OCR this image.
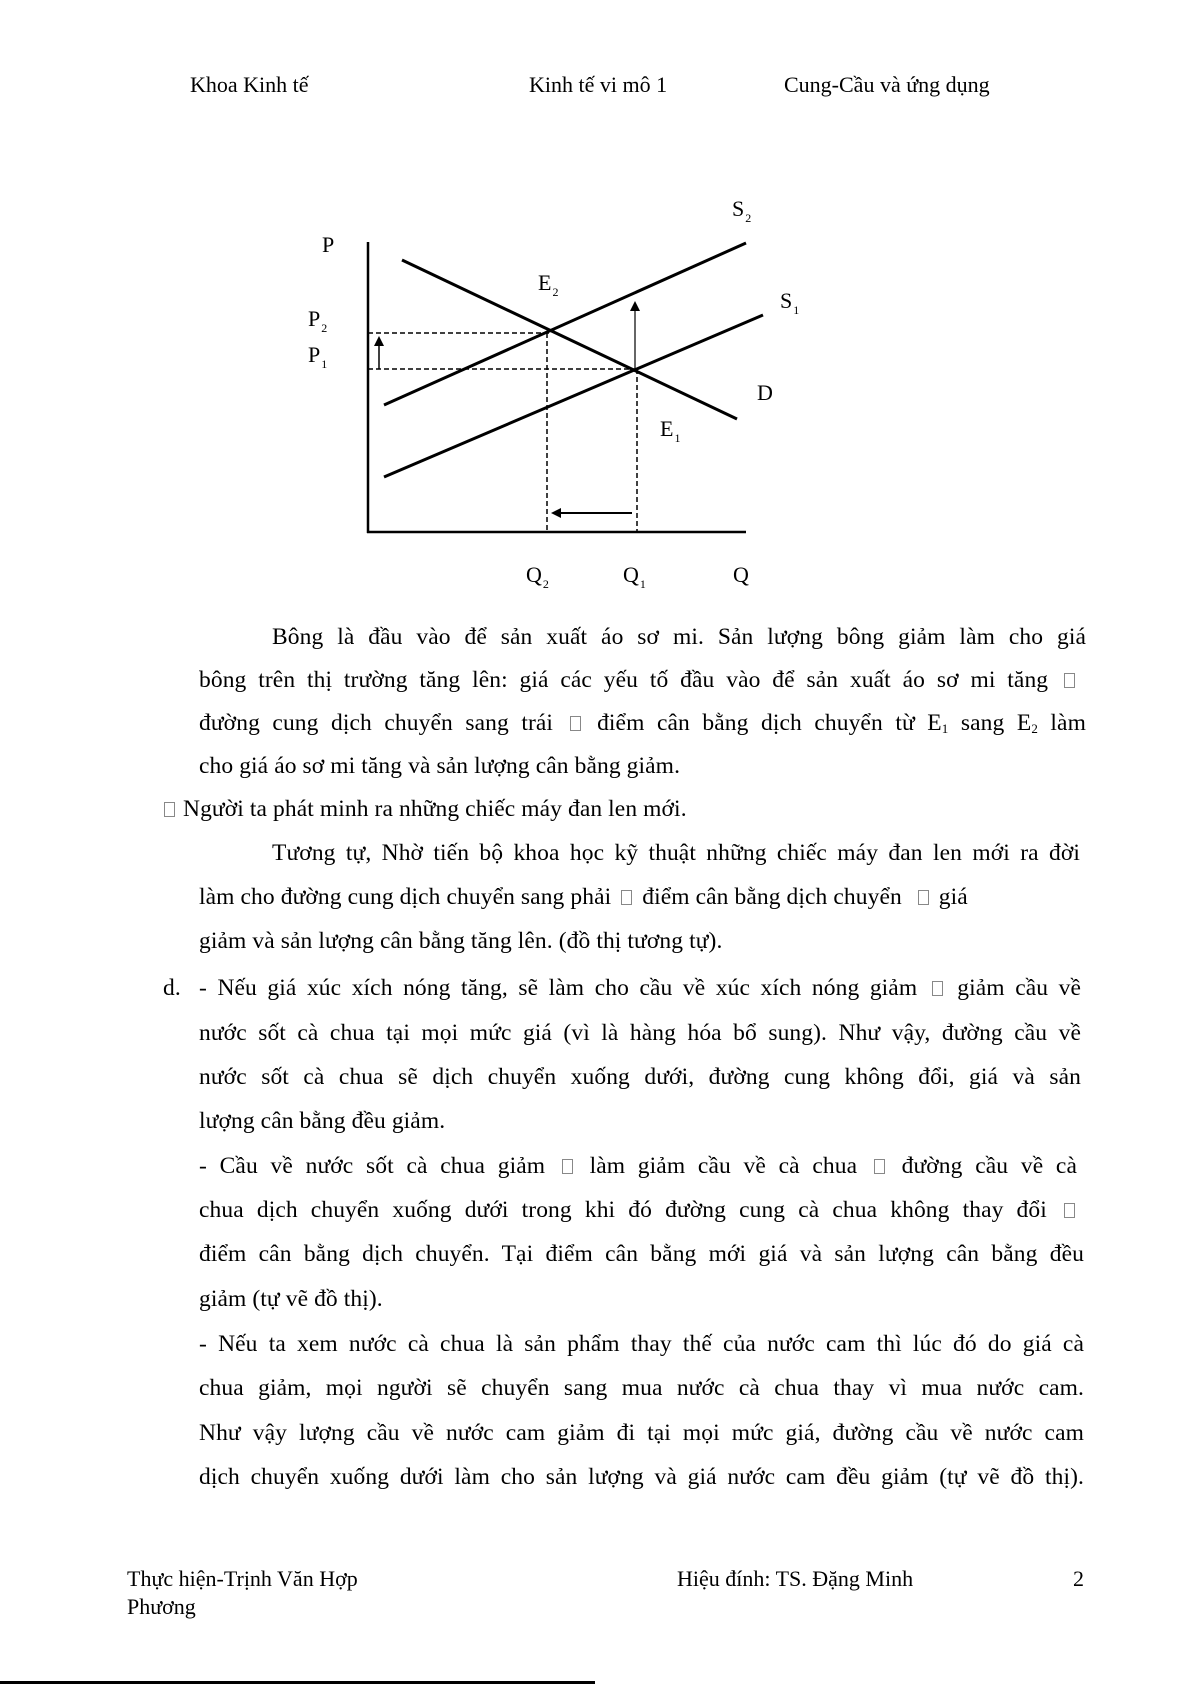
Khoa Kinh tế	Kinh tế vi mô 1	Cung-Cầu và ứng dụng
P
$P_2$
$P_1$
$E_2$
$S_2$
$S_1$
D
$E_1$
$Q_2$	$Q_1$	Q
Bông là đầu vào để sản xuất áo sơ mi. Sản lượng bông giảm làm cho giá
bông trên thị trường tăng lên: giá các yếu tố đầu vào để sản xuất áo sơ mi tăng
đường cung dịch chuyển sang trái điểm cân bằng dịch chuyển từ $E_1$ sang $E_2$ làm
cho giá áo sơ mi tăng và sản lượng cân bằng giảm.
Người ta phát minh ra những chiếc máy đan len mới.
Tương tự, Nhờ tiến bộ khoa học kỹ thuật những chiếc máy đan len mới ra đời
làm cho đường cung dịch chuyển sang phải điểm cân bằng dịch chuyển giá
giảm và sản lượng cân bằng tăng lên. (đồ thị tương tự).
d. - Nếu giá xúc xích nóng tăng, sẽ làm cho cầu về xúc xích nóng giảm giảm cầu về
nước sốt cà chua tại mọi mức giá (vì là hàng hóa bổ sung). Như vậy, đường cầu về
nước sốt cà chua sẽ dịch chuyển xuống dưới, đường cung không đổi, giá và sản
lượng cân bằng đều giảm.
- Cầu về nước sốt cà chua giảm làm giảm cầu về cà chua đường cầu về cà
chua dịch chuyển xuống dưới trong khi đó đường cung cà chua không thay đổi
điểm cân bằng dịch chuyển. Tại điểm cân bằng mới giá và sản lượng cân bằng đều
giảm (tự vẽ đồ thị).
- Nếu ta xem nước cà chua là sản phẩm thay thế của nước cam thì lúc đó do giá cà
chua giảm, mọi người sẽ chuyển sang mua nước cà chua thay vì mua nước cam.
Như vậy lượng cầu về nước cam giảm đi tại mọi mức giá, đường cầu về nước cam
dịch chuyển xuống dưới làm cho sản lượng và giá nước cam đều giảm (tự vẽ đồ thị).
Thực hiện-Trịnh Văn Hợp
Phương
Hiệu đính: TS. Đặng Minh	2
